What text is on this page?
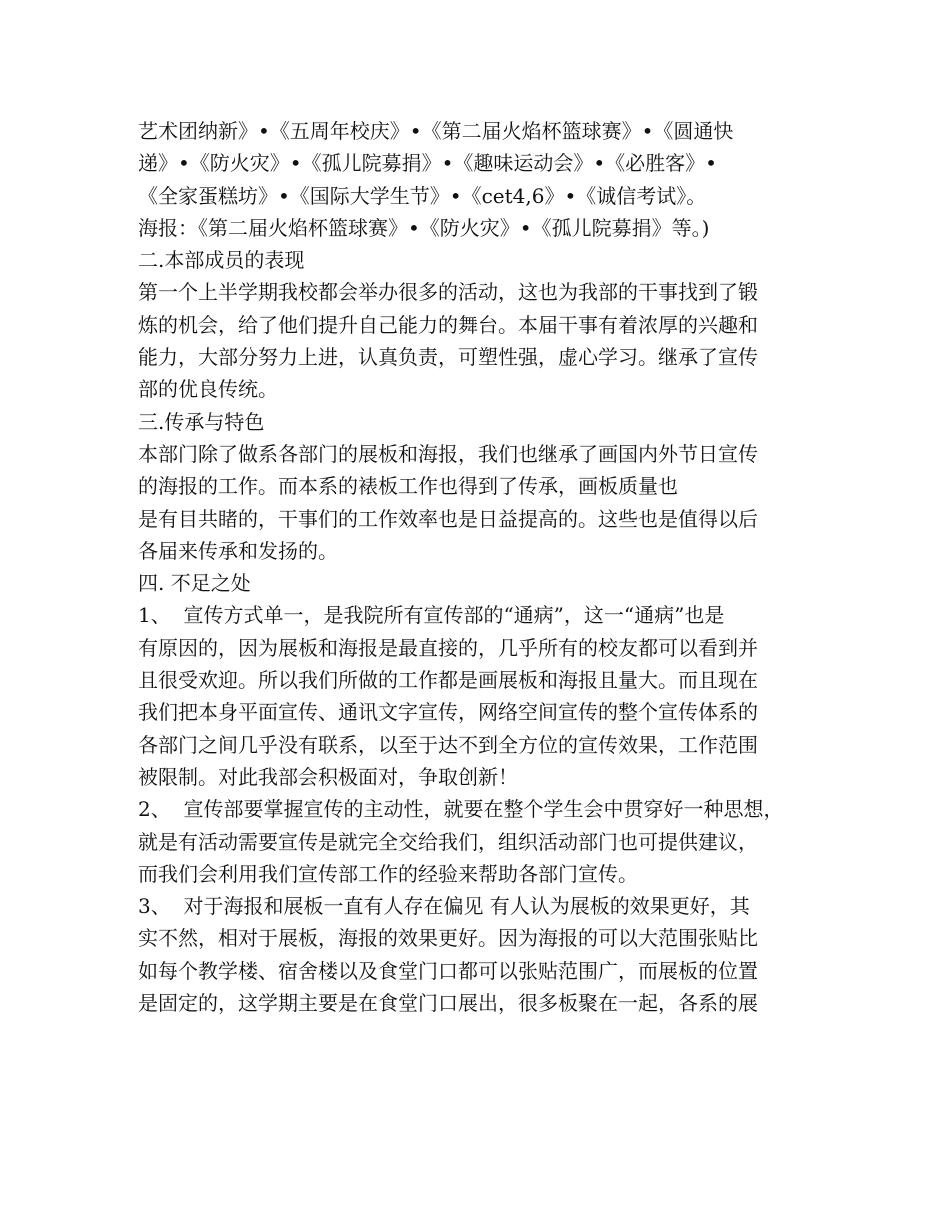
艺术团纳新》•《五周年校庆》•《第二届火焰杯篮球赛》•《圆通快
递》•《防火灾》•《孤儿院募捐》•《趣味运动会》•《必胜客》•
《全家蛋糕坊》•《国际大学生节》•《cet4,6》•《诚信考试》。
海报：《第二届火焰杯篮球赛》•《防火灾》•《孤儿院募捐》等。)
二.本部成员的表现
第一个上半学期我校都会举办很多的活动，这也为我部的干事找到了锻
炼的机会，给了他们提升自己能力的舞台。本届干事有着浓厚的兴趣和
能力，大部分努力上进，认真负责，可塑性强，虚心学习。继承了宣传
部的优良传统。
三.传承与特色
本部门除了做系各部门的展板和海报，我们也继承了画国内外节日宣传
的海报的工作。而本系的裱板工作也得到了传承，画板质量也
是有目共睹的，干事们的工作效率也是日益提高的。这些也是值得以后
各届来传承和发扬的。
四. 不足之处
1、  宣传方式单一，是我院所有宣传部的“通病”，这一“通病”也是
有原因的，因为展板和海报是最直接的，几乎所有的校友都可以看到并
且很受欢迎。所以我们所做的工作都是画展板和海报且量大。而且现在
我们把本身平面宣传、通讯文字宣传，网络空间宣传的整个宣传体系的
各部门之间几乎没有联系，以至于达不到全方位的宣传效果，工作范围
被限制。对此我部会积极面对，争取创新！
2、  宣传部要掌握宣传的主动性，就要在整个学生会中贯穿好一种思想，
就是有活动需要宣传是就完全交给我们，组织活动部门也可提供建议，
而我们会利用我们宣传部工作的经验来帮助各部门宣传。
3、  对于海报和展板一直有人存在偏见 有人认为展板的效果更好，其
实不然，相对于展板，海报的效果更好。因为海报的可以大范围张贴比
如每个教学楼、宿舍楼以及食堂门口都可以张贴范围广，而展板的位置
是固定的，这学期主要是在食堂门口展出，很多板聚在一起，各系的展
